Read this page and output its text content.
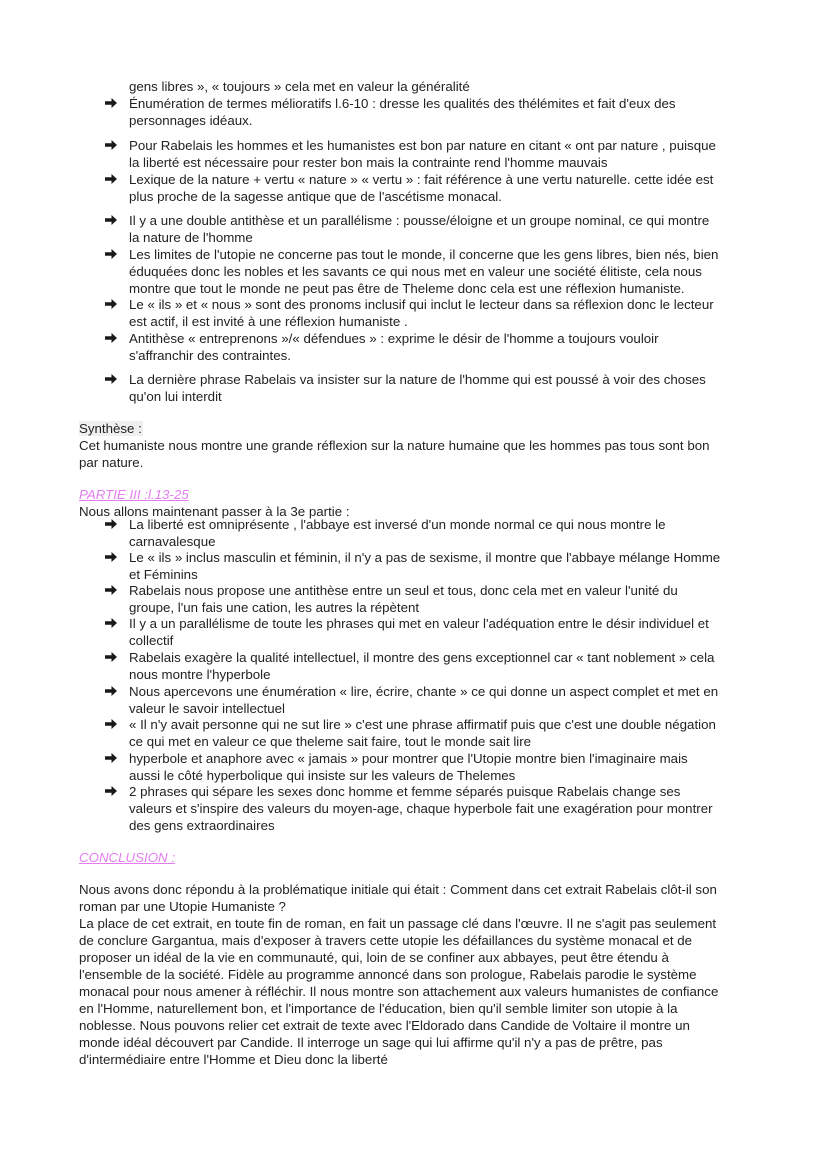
gens libres », « toujours » cela met en valeur la généralité
Énumération de termes mélioratifs l.6-10 : dresse les qualités des thélémites et fait d'eux des
personnages idéaux.
Pour Rabelais les hommes et les humanistes est bon par nature en citant « ont par nature , puisque
la liberté est nécessaire pour rester bon mais la contrainte rend l'homme mauvais
Lexique de la nature + vertu « nature » « vertu » : fait référence à une vertu naturelle. cette idée est
plus proche de la sagesse antique que de l'ascétisme monacal.
Il y a une double antithèse et un parallélisme : pousse/éloigne et un groupe nominal, ce qui montre
la nature de l'homme
Les limites de l'utopie ne concerne pas tout le monde, il concerne que les gens libres, bien nés, bien
éduquées donc les nobles et les savants ce qui nous met en valeur une société élitiste, cela nous
montre que tout le monde ne peut pas être de Theleme donc cela est une réflexion humaniste.
Le « ils » et « nous » sont des pronoms inclusif qui inclut le lecteur dans sa réflexion donc le lecteur
est actif, il est invité à une réflexion humaniste .
Antithèse « entreprenons »/« défendues » : exprime le désir de l'homme a toujours vouloir
s'affranchir des contraintes.
La dernière phrase Rabelais va insister sur la nature de l'homme qui est poussé à voir des choses
qu'on lui interdit
Synthèse :
Cet humaniste nous montre une grande réflexion sur la nature humaine que les hommes pas tous sont bon
par nature.
PARTIE III :l.13-25
Nous allons maintenant passer à la 3e partie :
La liberté est omniprésente , l'abbaye est inversé d'un monde normal ce qui nous montre le
carnavalesque
Le « ils » inclus masculin et féminin, il n'y a pas de sexisme, il montre que l'abbaye mélange Homme
et Féminins
Rabelais nous propose une antithèse entre un seul et tous, donc cela met en valeur l'unité du
groupe, l'un fais une cation, les autres la répètent
Il y a un parallélisme de toute les phrases qui met en valeur l'adéquation entre le désir individuel et
collectif
Rabelais exagère la qualité intellectuel, il montre des gens exceptionnel car « tant noblement » cela
nous montre l'hyperbole
Nous apercevons une énumération « lire, écrire, chante » ce qui donne un aspect complet et met en
valeur le savoir intellectuel
« Il n'y avait personne qui ne sut lire » c'est une phrase affirmatif puis que c'est une double négation
ce qui met en valeur ce que theleme sait faire, tout le monde sait lire
hyperbole et anaphore avec « jamais » pour montrer que l'Utopie montre bien l'imaginaire mais
aussi le côté hyperbolique qui insiste sur les valeurs de Thelemes
2 phrases qui sépare les sexes donc homme et femme séparés puisque Rabelais change ses
valeurs et s'inspire des valeurs du moyen-age, chaque hyperbole fait une exagération pour montrer
des gens extraordinaires
CONCLUSION :
Nous avons donc répondu à la problématique initiale qui était : Comment dans cet extrait Rabelais clôt-il son
roman par une Utopie Humaniste ?
La place de cet extrait, en toute fin de roman, en fait un passage clé dans l'œuvre. Il ne s'agit pas seulement
de conclure Gargantua, mais d'exposer à travers cette utopie les défaillances du système monacal et de
proposer un idéal de la vie en communauté, qui, loin de se confiner aux abbayes, peut être étendu à
l'ensemble de la société. Fidèle au programme annoncé dans son prologue, Rabelais parodie le système
monacal pour nous amener à réfléchir. Il nous montre son attachement aux valeurs humanistes de confiance
en l'Homme, naturellement bon, et l'importance de l'éducation, bien qu'il semble limiter son utopie à la
noblesse. Nous pouvons relier cet extrait de texte avec l'Eldorado dans Candide de Voltaire il montre un
monde idéal découvert par Candide. Il interroge un sage qui lui affirme qu'il n'y a pas de prêtre, pas
d'intermédiaire entre l'Homme et Dieu donc la liberté
